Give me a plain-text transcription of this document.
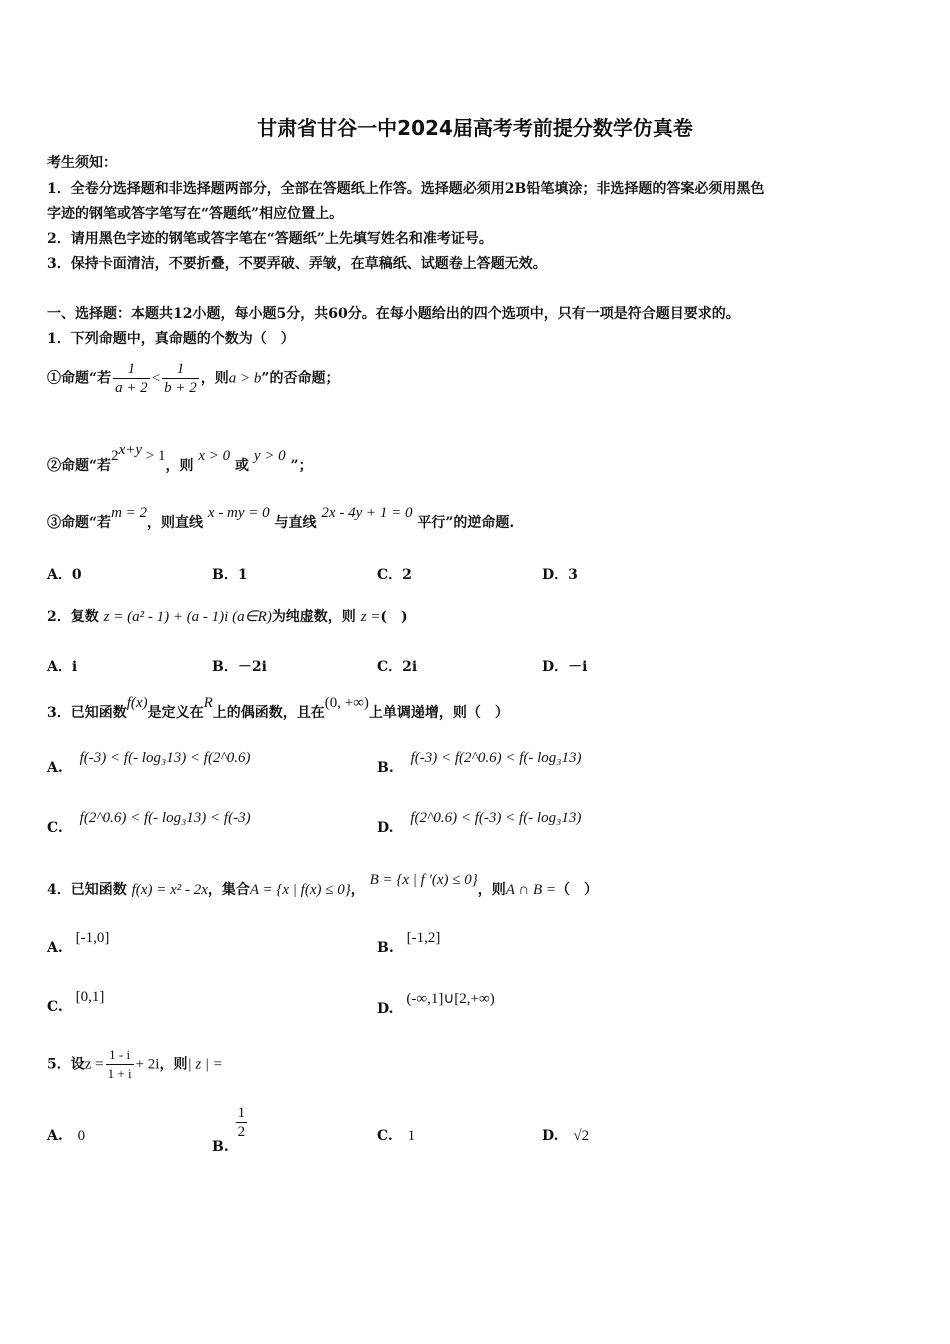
甘肃省甘谷一中2024届高考考前提分数学仿真卷
考生须知：
1．全卷分选择题和非选择题两部分，全部在答题纸上作答。选择题必须用2B铅笔填涂；非选择题的答案必须用黑色
字迹的钢笔或答字笔写在“答题纸”相应位置上。
2．请用黑色字迹的钢笔或答字笔在“答题纸”上先填写姓名和准考证号。
3．保持卡面清洁，不要折叠，不要弄破、弄皱，在草稿纸、试题卷上答题无效。
一、选择题：本题共12小题，每小题5分，共60分。在每小题给出的四个选项中，只有一项是符合题目要求的。
1．下列命题中，真命题的个数为（　）
①命题“若 $\frac{1}{a + 2} < \frac{1}{b + 2}$ ，则a > b”的否命题；
②命题“若$2^{x+y} > 1$，则 x > 0 或 y > 0 ”；
③命题“若m = 2，则直线 x - my = 0 与直线 2x - 4y + 1 = 0 平行”的逆命题.
A．0	B．1	C．2	D．3
2．复数 z = (a² - 1) + (a - 1)i (a∈R)为纯虚数，则 z =(　)
A．i	B．－2i	C．2i	D．－i
3．已知函数f(x)是定义在R上的偶函数，且在(0, +∞)上单调递增，则（　）
A. f(-3) < f(- log₃13) < f(2^0.6)
B. f(-3) < f(2^0.6) < f(- log₃13)
C. f(2^0.6) < f(- log₃13) < f(-3)
D. f(2^0.6) < f(-3) < f(- log₃13)
4．已知函数 f(x) = x² - 2x，集合A = {x | f(x) ≤ 0}， B = {x | f ′(x) ≤ 0}，则A ∩ B =（　）
A. [-1,0]
B. [-1,2]
C. [0,1]
D. (-∞,1]∪[2,+∞)
5．设$z = \frac{1 - i}{1 + i} + 2i$，则| z | =
A. 0
B.
$\frac{1}{2}$	C. 1	D. √2
